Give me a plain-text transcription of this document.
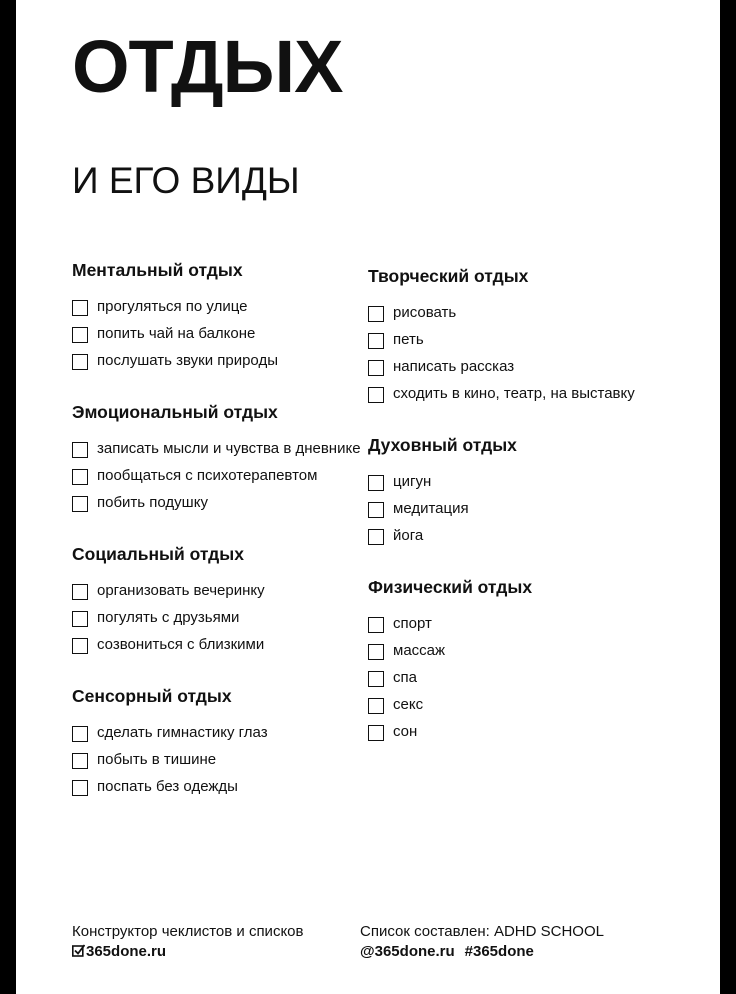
ОТДЫХ
И ЕГО ВИДЫ
Ментальный отдых
прогуляться по улице
попить чай на балконе
послушать звуки природы
Эмоциональный отдых
записать мысли и чувства в дневнике
пообщаться с психотерапевтом
побить подушку
Социальный отдых
организовать вечеринку
погулять с друзьями
созвониться с близкими
Сенсорный отдых
сделать гимнастику глаз
побыть в тишине
поспать без одежды
Творческий отдых
рисовать
петь
написать рассказ
сходить в кино, театр, на выставку
Духовный отдых
цигун
медитация
йога
Физический отдых
спорт
массаж
спа
секс
сон
Конструктор чеклистов и списков
365done.ru
Список составлен: ADHD SCHOOL
@365done.ru #365done
